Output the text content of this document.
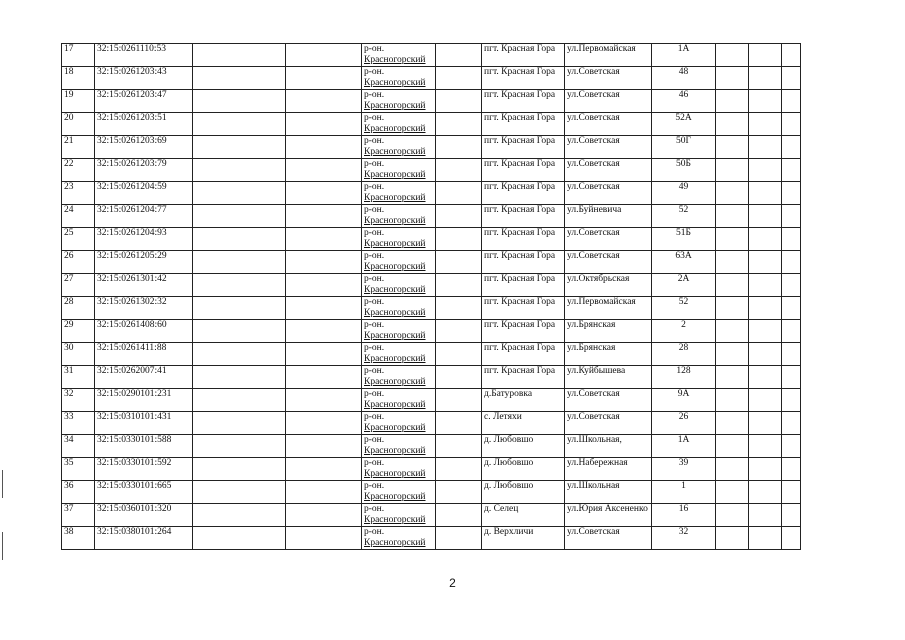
17	32:15:0261110:53			р-он.
Красногорский		пгт. Красная Гора	ул.Первомайская	1А			
18	32:15:0261203:43			р-он.
Красногорский		пгт. Красная Гора	ул.Советская	48			
19	32:15:0261203:47			р-он.
Красногорский		пгт. Красная Гора	ул.Советская	46			
20	32:15:0261203:51			р-он.
Красногорский		пгт. Красная Гора	ул.Советская	52А			
21	32:15:0261203:69			р-он.
Красногорский		пгт. Красная Гора	ул.Советская	50Г			
22	32:15:0261203:79			р-он.
Красногорский		пгт. Красная Гора	ул.Советская	50Б			
23	32:15:0261204:59			р-он.
Красногорский		пгт. Красная Гора	ул.Советская	49			
24	32:15:0261204:77			р-он.
Красногорский		пгт. Красная Гора	ул.Буйневича	52			
25	32:15:0261204:93			р-он.
Красногорский		пгт. Красная Гора	ул.Советская	51Б			
26	32:15:0261205:29			р-он.
Красногорский		пгт. Красная Гора	ул.Советская	63А			
27	32:15:0261301:42			р-он.
Красногорский		пгт. Красная Гора	ул.Октябрьская	2А			
28	32:15:0261302:32			р-он.
Красногорский		пгт. Красная Гора	ул.Первомайская	52			
29	32:15:0261408:60			р-он.
Красногорский		пгт. Красная Гора	ул.Брянская	2			
30	32:15:0261411:88			р-он.
Красногорский		пгт. Красная Гора	ул.Брянская	28			
31	32:15:0262007:41			р-он.
Красногорский		пгт. Красная Гора	ул.Куйбышева	128			
32	32:15:0290101:231			р-он.
Красногорский		д.Батуровка	ул.Советская	9А			
33	32:15:0310101:431			р-он.
Красногорский		с. Летяхи	ул.Советская	26			
34	32:15:0330101:588			р-он.
Красногорский		д. Любовшо	ул.Школьная,	1А			
35	32:15:0330101:592			р-он.
Красногорский		д. Любовшо	ул.Набережная	39			
36	32:15:0330101:665			р-он.
Красногорский		д. Любовшо	ул.Школьная	1			
37	32:15:0360101:320			р-он.
Красногорский		д. Селец	ул.Юрия Аксененко	16			
38	32:15:0380101:264			р-он.
Красногорский		д. Верхличи	ул.Советская	32			
2
